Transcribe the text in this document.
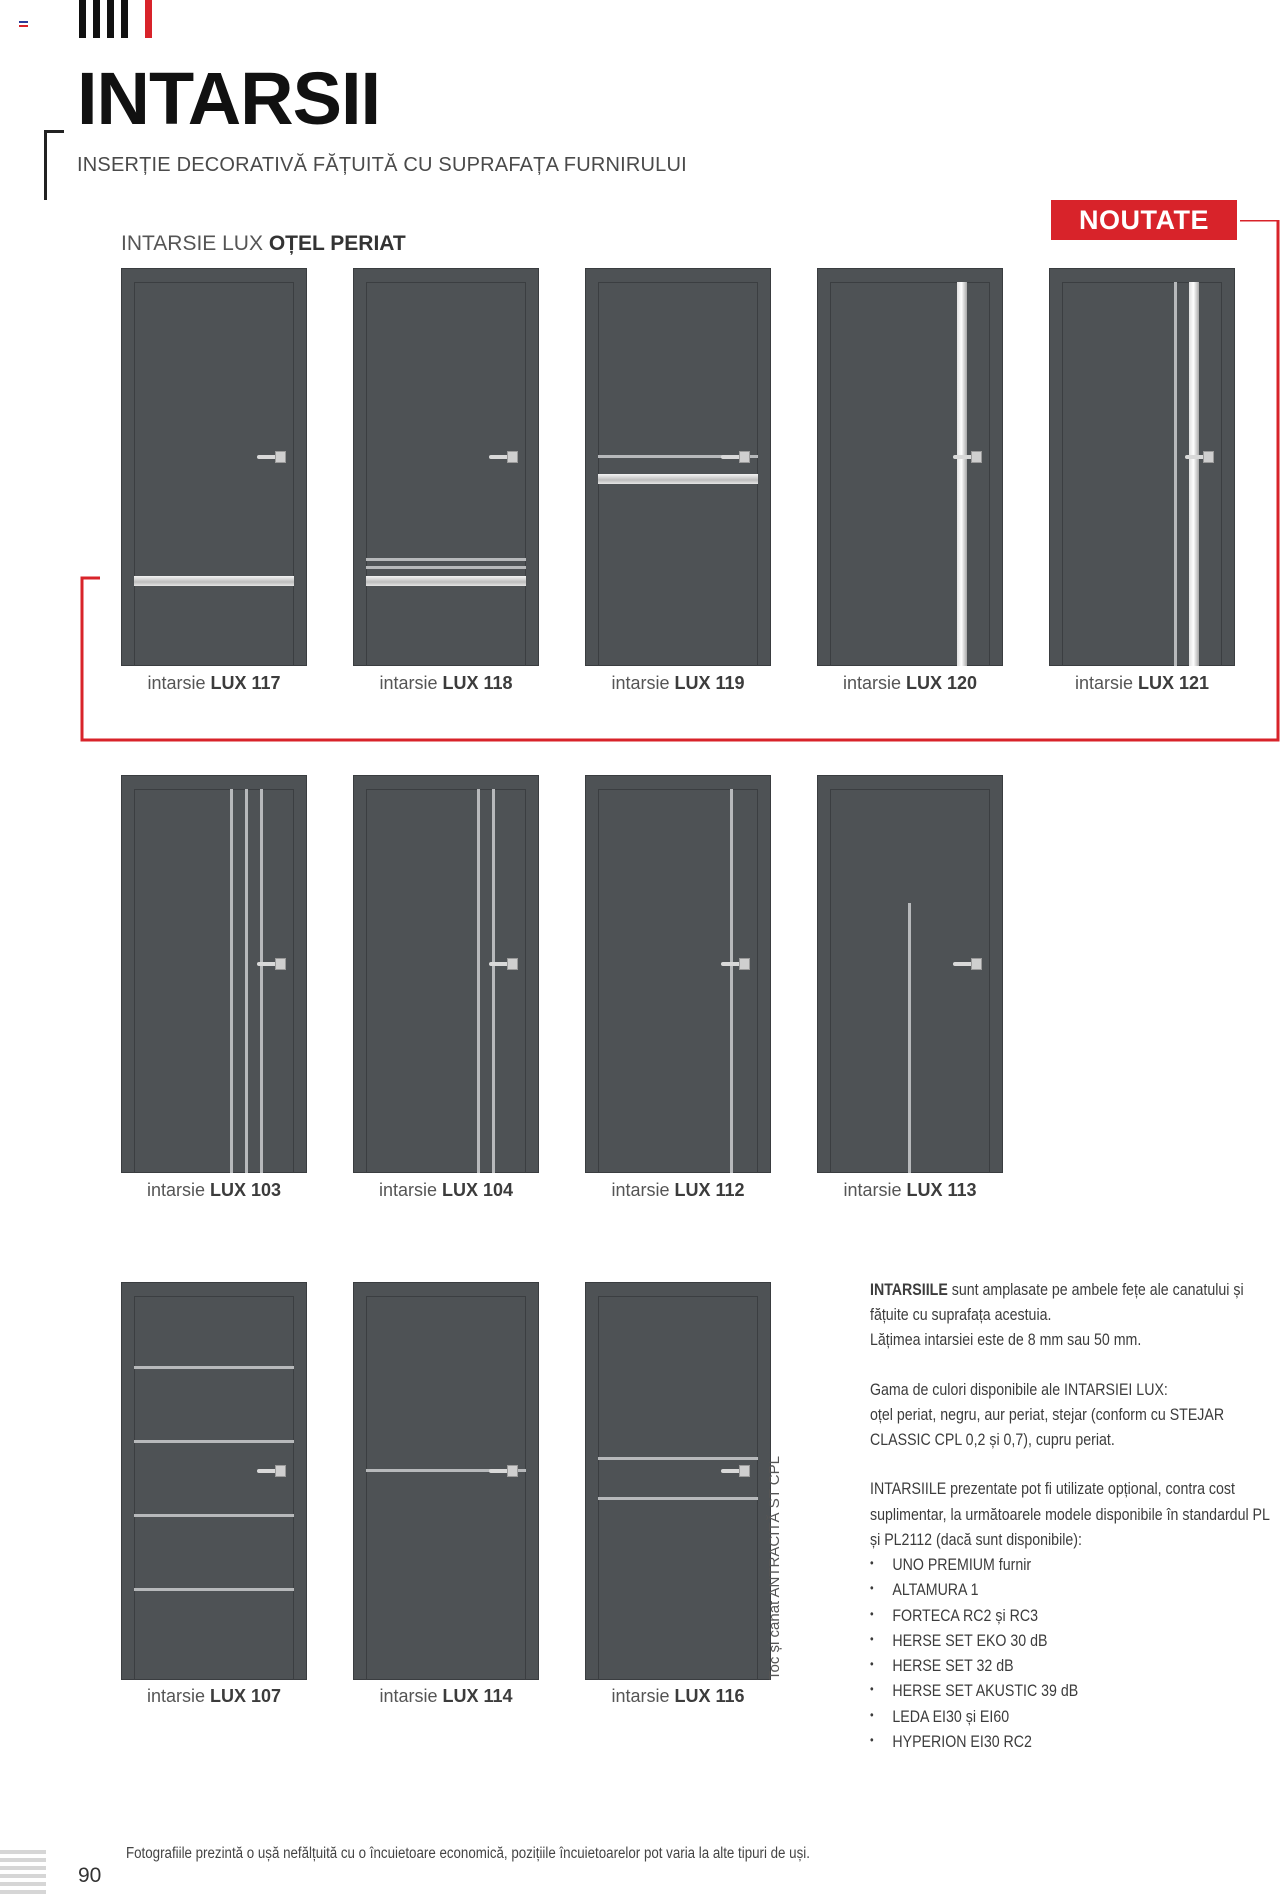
INTARSII
INSERȚIE DECORATIVĂ FĂȚUITĂ CU SUPRAFAȚA FURNIRULUI
INTARSIE LUX OȚEL PERIAT
NOUTATE
intarsie LUX 117	intarsie LUX 118	intarsie LUX 119	intarsie LUX 120	intarsie LUX 121
intarsie LUX 103	intarsie LUX 104	intarsie LUX 112	intarsie LUX 113
intarsie LUX 107	intarsie LUX 114	intarsie LUX 116
Toc și canat ANTRACITĂ ST CPL

INTARSIILE sunt amplasate pe ambele fețe ale canatului și fățuite cu suprafața acestuia.
Lățimea intarsiei este de 8 mm sau 50 mm.

Gama de culori disponibile ale INTARSIEI LUX:
oțel periat, negru, aur periat, stejar (conform cu STEJAR CLASSIC CPL 0,2 și 0,7), cupru periat.

INTARSIILE prezentate pot fi utilizate opțional, contra cost suplimentar, la următoarele modele disponibile în standardul PL și PL2112 (dacă sunt disponibile):

• UNO PREMIUM furnir
• ALTAMURA 1
• FORTECA RC2 și RC3
• HERSE SET EKO 30 dB
• HERSE SET 32 dB
• HERSE SET AKUSTIC 39 dB
• LEDA EI30 și EI60
• HYPERION EI30 RC2
Fotografiile prezintă o ușă nefălțuită cu o încuietoare economică, pozițiile încuietoarelor pot varia la alte tipuri de uși.
90
